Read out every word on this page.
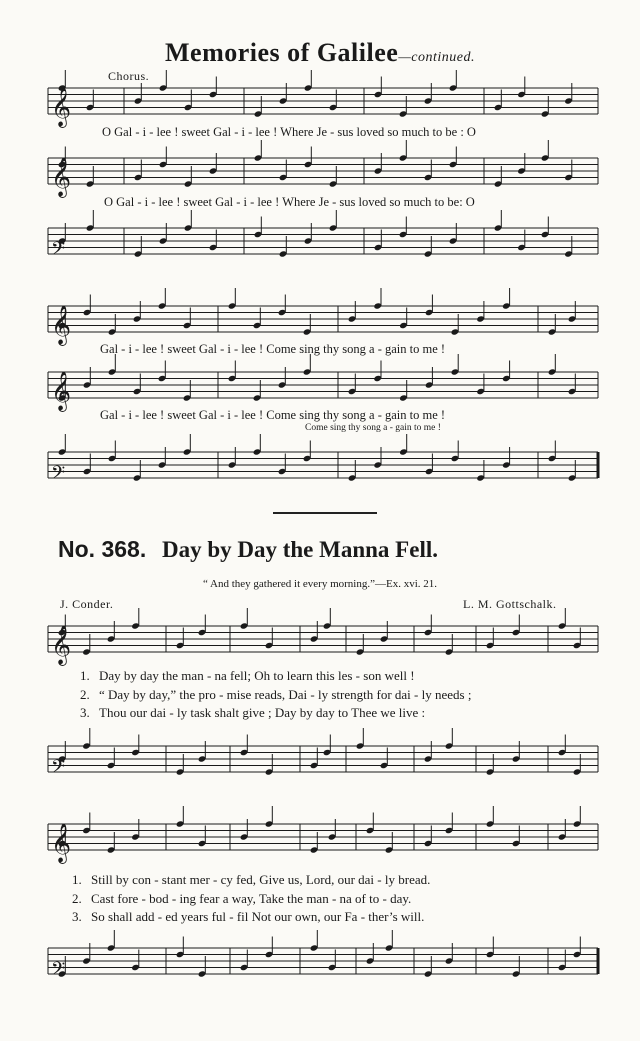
Memories of Galilee—continued.
𝄞
𝄞
𝄢
𝄞
𝄞
𝄢
𝄞
𝄢
𝄞
𝄢
Chorus.
O Gal - i - lee ! sweet Gal - i - lee ! Where Je - sus loved so much to be : O
O Gal - i - lee ! sweet Gal - i - lee ! Where Je - sus loved so much to be: O
Gal - i - lee ! sweet Gal - i - lee ! Come sing thy song a - gain to me !
Gal - i - lee ! sweet Gal - i - lee ! Come sing thy song a - gain to me !
Come sing thy song a - gain to me !
No. 368. Day by Day the Manna Fell.
“ And they gathered it every morning.”—Ex. xvi. 21.
J. Conder.	L. M. Gottschalk.
1. Day by day the man - na fell; Oh to learn this les - son well !
2. “ Day by day,” the pro - mise reads, Dai - ly strength for dai - ly needs ;
3. Thou our dai - ly task shalt give ; Day by day to Thee we live :
1. Still by con - stant mer - cy fed, Give us, Lord, our dai - ly bread.
2. Cast fore - bod - ing fear a way, Take the man - na of to - day.
3. So shall add - ed years ful - fil Not our own, our Fa - ther’s will.
